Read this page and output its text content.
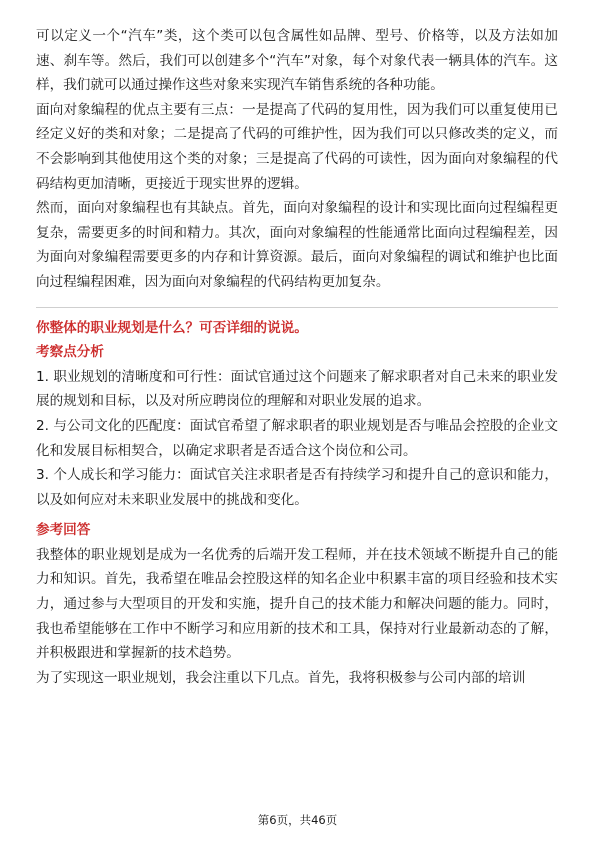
可以定义一个“汽车”类，这个类可以包含属性如品牌、型号、价格等，以及方法如加速、刹车等。然后，我们可以创建多个“汽车”对象，每个对象代表一辆具体的汽车。这样，我们就可以通过操作这些对象来实现汽车销售系统的各种功能。

面向对象编程的优点主要有三点：一是提高了代码的复用性，因为我们可以重复使用已经定义好的类和对象；二是提高了代码的可维护性，因为我们可以只修改类的定义，而不会影响到其他使用这个类的对象；三是提高了代码的可读性，因为面向对象编程的代码结构更加清晰，更接近于现实世界的逻辑。

然而，面向对象编程也有其缺点。首先，面向对象编程的设计和实现比面向过程编程更复杂，需要更多的时间和精力。其次，面向对象编程的性能通常比面向过程编程差，因为面向对象编程需要更多的内存和计算资源。最后，面向对象编程的调试和维护也比面向过程编程困难，因为面向对象编程的代码结构更加复杂。

你整体的职业规划是什么？可否详细的说说。

考察点分析

1. 职业规划的清晰度和可行性：面试官通过这个问题来了解求职者对自己未来的职业发展的规划和目标，以及对所应聘岗位的理解和对职业发展的追求。

2. 与公司文化的匹配度：面试官希望了解求职者的职业规划是否与唯品会控股的企业文化和发展目标相契合，以确定求职者是否适合这个岗位和公司。

3. 个人成长和学习能力：面试官关注求职者是否有持续学习和提升自己的意识和能力，以及如何应对未来职业发展中的挑战和变化。

参考回答

我整体的职业规划是成为一名优秀的后端开发工程师，并在技术领域不断提升自己的能力和知识。首先，我希望在唯品会控股这样的知名企业中积累丰富的项目经验和技术实力，通过参与大型项目的开发和实施，提升自己的技术能力和解决问题的能力。同时，我也希望能够在工作中不断学习和应用新的技术和工具，保持对行业最新动态的了解，并积极跟进和掌握新的技术趋势。

为了实现这一职业规划，我会注重以下几点。首先，我将积极参与公司内部的培训

第6页，共46页
